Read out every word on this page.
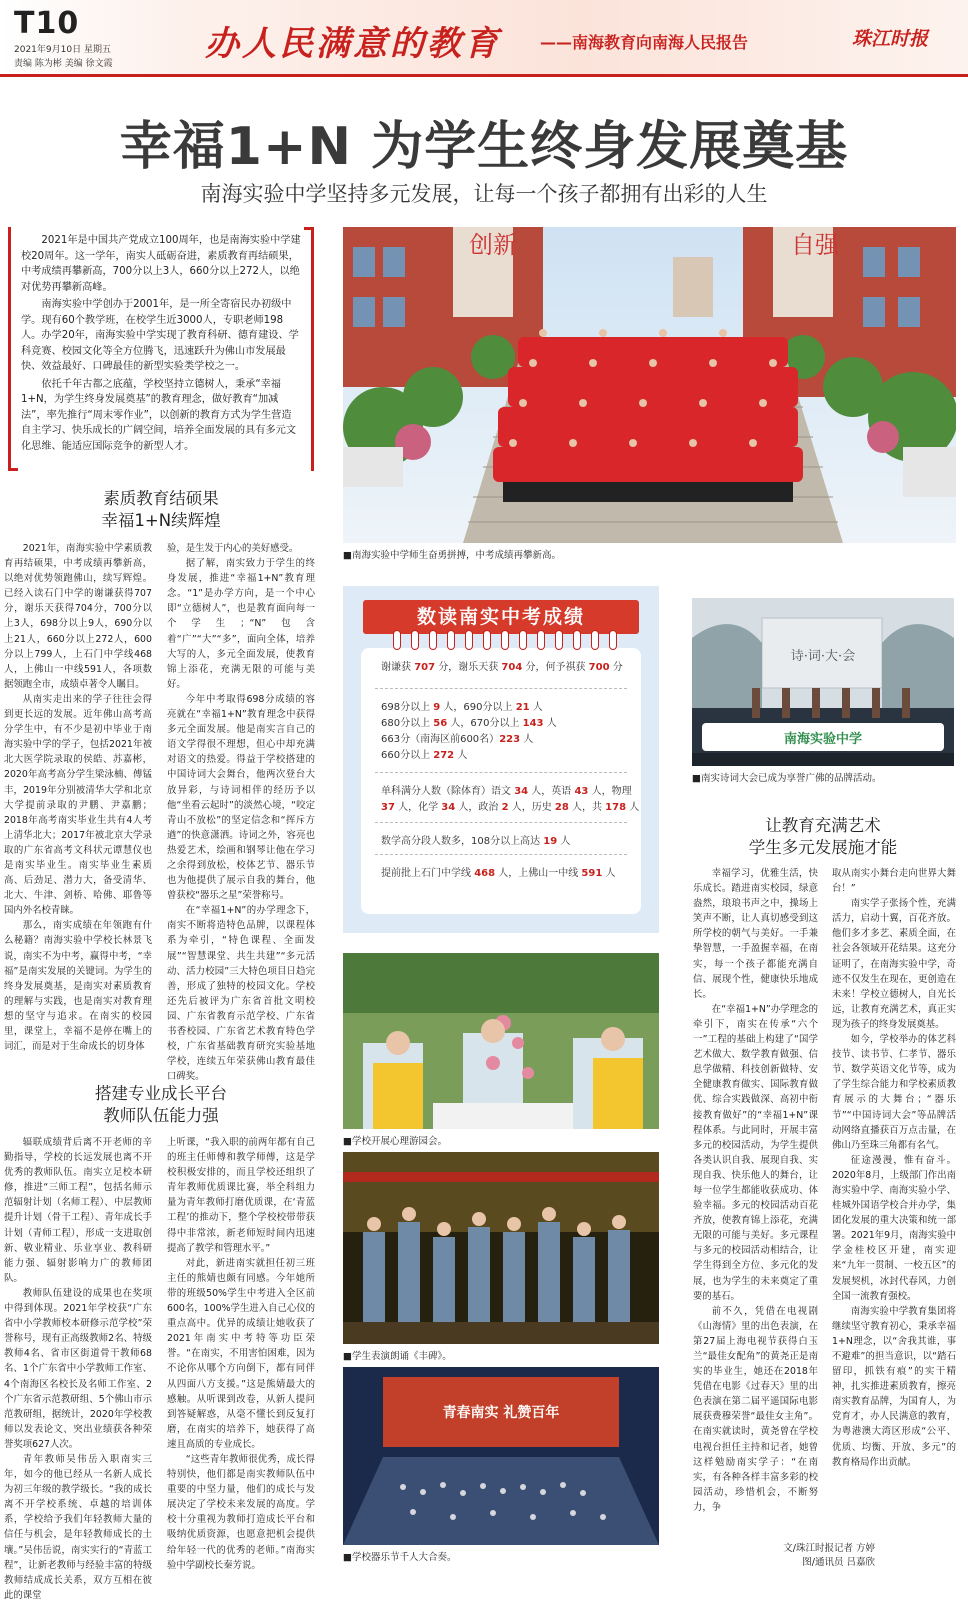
T10
2021年9月10日 星期五
责编 陈为彬 美编 徐文霞	办人民满意的教育 ——南海教育向南海人民报告	珠江时报
幸福1+N 为学生终身发展奠基
南海实验中学坚持多元发展，让每一个孩子都拥有出彩的人生

2021年是中国共产党成立100周年，也是南海实验中学建校20周年。这一学年，南实人砥砺奋进，素质教育再结硕果，中考成绩再攀新高，700分以上3人，660分以上272人，以绝对优势再攀新高峰。

南海实验中学创办于2001年，是一所全寄宿民办初级中学。现有60个教学班，在校学生近3000人，专职老师198人。办学20年，南海实验中学实现了教育科研、德育建设、学科竞赛、校园文化等全方位腾飞，迅速跃升为佛山市发展最快、效益最好、口碑最佳的新型实验类学校之一。

依托千年古都之底蕴，学校坚持立德树人，秉承“幸福1+N，为学生终身发展奠基”的教育理念，做好教育“加减法”，率先推行“周末零作业”，以创新的教育方式为学生营造自主学习、快乐成长的广阔空间，培养全面发展的具有多元文化思维、能适应国际竞争的新型人才。

创新	自强
■南海实验中学师生奋勇拼搏，中考成绩再攀新高。
素质教育结硕果
幸福1+N续辉煌

2021年，南海实验中学素质教育再结硕果，中考成绩再攀新高，以绝对优势领跑佛山，续写辉煌。已经入读石门中学的谢谦获得707分，谢乐天获得704分，700分以上3人，698分以上9人，690分以上21人，660分以上272人，600分以上799人，上石门中学线468人，上佛山一中线591人，各项数据领跑全市，成绩卓著令人瞩目。

从南实走出来的学子往往会得到更长远的发展。近年佛山高考高分学生中，有不少是初中毕业于南海实验中学的学子，包括2021年被北大医学院录取的侯皓、苏嘉彬，2020年高考高分学生梁泳楠、傅锰丰，2019年分别被清华大学和北京大学提前录取的尹鹏、尹嘉鹏；2018年高考南实毕业生共有4人考上清华北大；2017年被北京大学录取的广东省高考文科状元谭慧仪也是南实毕业生。南实毕业生素质高、后劲足、潜力大，备受清华、北大、牛津、剑桥、哈佛、耶鲁等国内外名校青睐。

那么，南实成绩在年领跑有什么秘籍？南海实验中学校长林景飞说，南实不为中考，赢得中考，“幸福”是南实发展的关键词。为学生的终身发展奠基，是南实对素质教育的理解与实践，也是南实对教育理想的坚守与追求。在南实的校园里，课堂上，幸福不是停在嘴上的词汇，而是对于生命成长的切身体

验，是生发于内心的美好感受。

据了解，南实致力于学生的终身发展，推进“幸福1+N”教育理念。“1”是办学方向，是一个中心即“立德树人”，也是教育面向每一个学生；“N”包含着“广”“大”“多”，面向全体，培养大写的人，多元全面发展，使教育锦上添花，充满无限的可能与美好。

今年中考取得698分成绩的容亮就在“幸福1+N”教育理念中获得多元全面发展。他是南实言自己的语文学得很不理想，但心中却充满对语文的热爱。得益于学校搭建的中国诗词大会舞台，他两次登台大放异彩，与诗词相伴的经历予以他“坐看云起时”的淡然心境，“咬定青山不放松”的坚定信念和“挥斥方遒”的快意潇洒。诗词之外，容亮也热爱艺术，绘画和钢琴让他在学习之余得到放松，校体艺节、器乐节也为他提供了展示自我的舞台，他曾获校“器乐之星”荣誉称号。

在“幸福1+N”的办学理念下，南实不断将造特色品牌，以课程体系为牵引，“特色课程、全面发展”“智慧课堂、共生共建”“多元活动、活力校园”三大特色项目日趋完善，形成了独特的校园文化。学校还先后被评为广东省首批文明校园、广东省教育示范学校、广东省书香校园、广东省艺术教育特色学校，广东省基础教育研究实验基地学校，连续五年荣获佛山教育最佳口碑奖。

搭建专业成长平台
教师队伍能力强

辐联成绩背后离不开老师的辛勤指导，学校的长远发展也离不开优秀的教师队伍。南实立足校本研修，推进“三师工程”，包括名师示范辐射计划（名师工程）、中层教师提升计划（骨干工程）、青年成长手计划（青师工程），形成一支进取创新、敬业精业、乐业享业、教科研能力强、辐射影响力广的教师团队。

教师队伍建设的成果也在奖项中得到体现。2021年学校获“广东省中小学教师校本研修示范学校”荣誉称号，现有正高级教师2名、特级教师4名、省市区街道骨干教师68名、1个广东省中小学教师工作室、4个南海区名校长及名师工作室、2个广东省示范教研组、5个佛山市示范教研组，据统计，2020年学校教师以发表论文、突出业绩获各种荣誉奖项627人次。

青年教师吴伟岳入职南实三年，如今的他已经从一名新人成长为初三年级的教学级长。“我的成长离不开学校系统、卓越的培训体系，学校给予我们年轻教师大量的信任与机会，是年轻教师成长的土壤。”吴伟岳说，南实实行的“青蓝工程”，让新老教师与经验丰富的特级教师结成成长关系，双方互相在彼此的课堂

上听课，“我入职的前两年都有自己的班主任师傅和教学师傅，这是学校积极安排的，而且学校还组织了青年教师优质课比赛，举全科组力量为青年教师打磨优质课，在‘青蓝工程’的推动下，整个学校校带带获得中非常浓，新老师短时间内迅速提高了教学和管理水平。”

对此，新进南实就担任初三班主任的熊婧也颇有同感。今年她所带的班级50%学生中考进入全区前600名，100%学生进入自己心仪的重点高中。优异的成绩让她收获了2021年南实中考特等功臣荣誉。“在南实，不用害怕困难，因为不论你从哪个方向倒下，都有同伴从四面八方支援。”这是熊婧最大的感触。从听课到改卷，从新人提问到答疑解惑，从毫不懂长到反复打磨，在南实的培养下，她获得了高速且高质的专业成长。

“这些青年教师很优秀，成长得特别快，他们都是南实教师队伍中重要的中坚力量，他们的成长与发展决定了学校未来发展的高度。学校十分重视为教师打造成长平台和吸纳优质资源，也愿意把机会提供给年轻一代的优秀的老师。”南海实验中学副校长秦芳说。

数读南实中考成绩
谢谦获 707 分，谢乐天获 704 分，何予祺获 700 分
698分以上 9 人，690分以上 21 人
680分以上 56 人，670分以上 143 人
663分（南海区前600名）223 人
660分以上 272 人
单科满分人数（除体育）语文 34 人，英语 43 人，物理
37 人，化学 34 人，政治 2 人，历史 28 人，共 178 人
数学高分段人数多，108分以上高达 19 人
提前批上石门中学线 468 人，上佛山一中线 591 人
诗·词·大·会
南海实验中学
■南实诗词大会已成为享誉广佛的品牌活动。
■学校开展心理游园会。
■学生表演朗诵《丰碑》。
青春南实 礼赞百年
■学校器乐节千人大合奏。
让教育充满艺术
学生多元发展施才能

幸福学习，优雅生活，快乐成长。踏进南实校园，绿意盎然，琅琅书声之中，操场上笑声不断，让人真切感受到这所学校的朝气与美好。一手兼挚智慧，一手盈握幸福，在南实，每一个孩子都能充满自信、展现个性，健康快乐地成长。

在“幸福1+N”办学理念的牵引下，南实在传承“六个一”工程的基础上构建了“国学艺术做大、数学教育做强、信息学做精、科技创新做特、安全健康教育做实、国际教育做优、综合实践做深、高初中衔接教育做好”的“幸福1+N”课程体系。与此同时，开展丰富多元的校园活动，为学生提供各类认识自我、展现自我、实现自我、快乐他人的舞台，让每一位学生都能收获成功、体验幸福。多元的校园活动百花齐放，使教育锦上添花，充满无限的可能与美好。多元课程与多元的校园活动相结合，让学生得到全方位、多元化的发展，也为学生的未来奠定了重要的基石。

前不久，凭借在电视剧《山海情》里的出色表演，在第27届上海电视节获得白玉兰“最佳女配角”的黄尧正是南实的毕业生，她还在2018年凭借在电影《过春天》里的出色表演在第二届平遥国际电影展获费穆荣誉“最佳女主角”。在南实就读时，黄尧曾在学校电视台担任主持和记者，她曾这样勉励南实学子：“在南实，有各种各样丰富多彩的校园活动，珍惜机会，不断努力，争

取从南实小舞台走向世界大舞台！”

南实学子张扬个性，充满活力，启动十翼，百花齐放。他们多才多艺、素质全面，在社会各领域开花结果。这充分证明了，在南海实验中学，奇迹不仅发生在现在，更创造在未来！学校立德树人，自光长远，让教育充满艺术，真正实现为孩子的终身发展奠基。

如今，学校举办的体艺科技节、读书节、仁孝节、器乐节、数学英语文化节等，成为了学生综合能力和学校素质教育展示的大舞台；“器乐节”“中国诗词大会”等品牌活动网络直播获百万点击量，在佛山乃至珠三角都有名气。

征途漫漫，惟有奋斗。2020年8月，上级部门作出南海实验中学、南海实验小学、桂城外国语学校合并办学，集团化发展的重大决策和统一部署。2021年9月，南海实验中学金桂校区开建，南实迎来“九年一贯制、一校五区”的发展契机，冰封代春风，力创全国一流教育强校。

南海实验中学教育集团将继续坚守教育初心，秉承幸福1+N理念，以“舍我其谁，事不避难”的担当意识，以“踏石留印，抓铁有痕”的实干精神，扎实推进素质教育，擦亮南实教育品牌，为国育人，为党育才，办人民满意的教育，为粤港澳大湾区形成“公平、优质、均衡、开放、多元”的教育格局作出贡献。

文/珠江时报记者 方婷
图/通讯员 吕嘉欣
